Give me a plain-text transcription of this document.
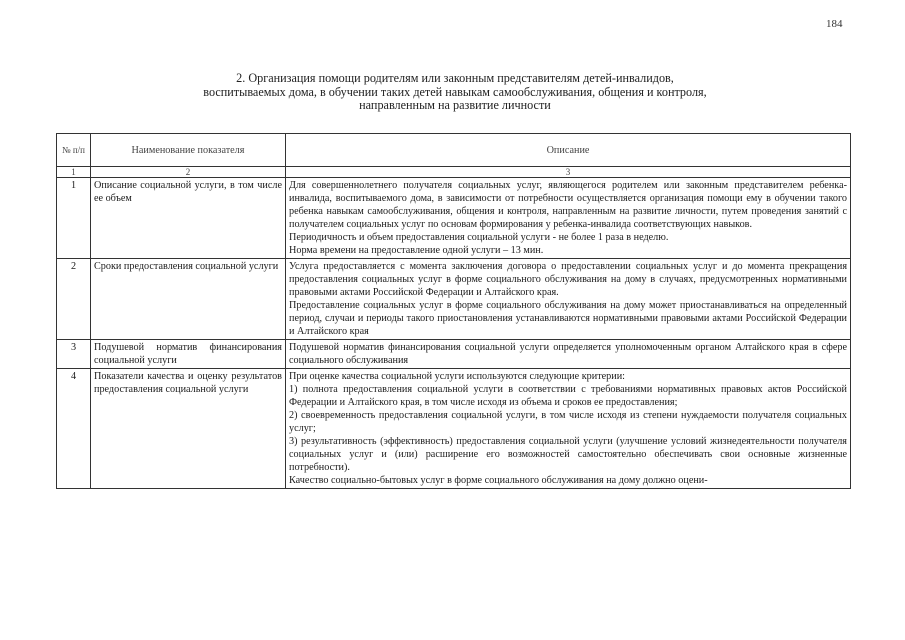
184
2. Организация помощи родителям или законным представителям детей-инвалидов,
воспитываемых дома, в обучении таких детей навыкам самообслуживания, общения и контроля,
направленным на развитие личности
№ п/п	Наименование показателя	Описание
1	2	3
1	Описание социальной услуги, в том числе ее объем	Для совершеннолетнего получателя социальных услуг, являющегося родителем или законным представителем ребенка-инвалида, воспитываемого дома, в зависимости от потребности осуществляется организация помощи ему в обучении такого ребенка навыкам самообслуживания, общения и контроля, направленным на развитие личности, путем проведения занятий с получателем социальных услуг по основам формирования у ребенка-инвалида соответствующих навыков.

Периодичность и объем предоставления социальной услуги - не более 1 раза в неделю.

Норма времени на предоставление одной услуги – 13 мин.

2	Сроки предоставления социальной услуги	Услуга предоставляется с момента заключения договора о предоставлении социальных услуг и до момента прекращения предоставления социальных услуг в форме социального обслуживания на дому в случаях, предусмотренных нормативными правовыми актами Российской Федерации и Алтайского края.

Предоставление социальных услуг в форме социального обслуживания на дому может приостанавливаться на определенный период, случаи и периоды такого приостановления устанавливаются нормативными правовыми актами Российской Федерации и Алтайского края

3	Подушевой норматив финансирования социальной услуги	Подушевой норматив финансирования социальной услуги определяется уполномоченным органом Алтайского края в сфере социального обслуживания

4	Показатели качества и оценку результатов предоставления социальной услуги	При оценке качества социальной услуги используются следующие критерии:

1) полнота предоставления социальной услуги в соответствии с требованиями нормативных правовых актов Российской Федерации и Алтайского края, в том числе исходя из объема и сроков ее предоставления;

2) своевременность предоставления социальной услуги, в том числе исходя из степени нуждаемости получателя социальных услуг;

3) результативность (эффективность) предоставления социальной услуги (улучшение условий жизнедеятельности получателя социальных услуг и (или) расширение его возможностей самостоятельно обеспечивать свои основные жизненные потребности).

Качество социально-бытовых услуг в форме социального обслуживания на дому должно оцени-
